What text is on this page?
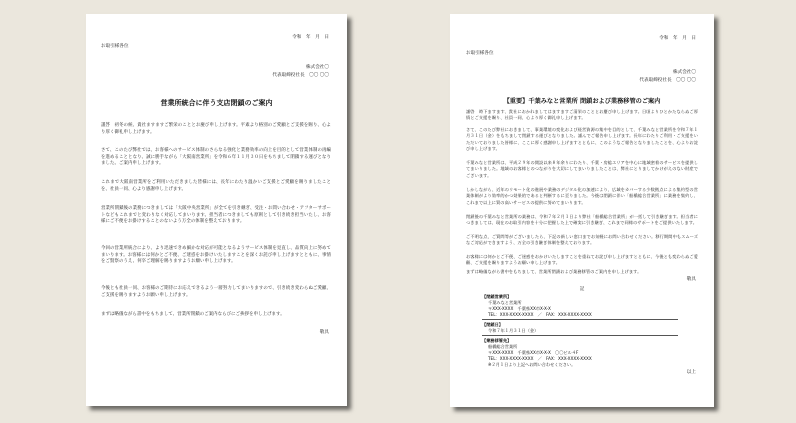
令和　年　月　日

お取引様各位

株式会社〇

代表取締役社長　〇〇 〇〇

営業所統合に伴う支店閉鎖のご案内

謹啓　初冬の候、貴社ますますご繁栄のこととお慶び申し上げます。平素より格別のご愛顧とご支援を賜り、心より厚く御礼申し上げます。

さて、このたび弊社では、お客様へのサービス体制のさらなる強化と業務効率の向上を目的として営業体制の再編を進めることとなり、誠に勝手ながら「大阪南営業所」を令和６年１１月３０日をもちまして閉鎖する運びとなりました。ご案内申し上げます。

これまで大阪南営業所をご利用いただきました皆様には、長年にわたり温かいご支援とご愛顧を賜りましたことを、社員一同、心より感謝申し上げます。

営業所閉鎖後の業務につきましては「大阪中央営業所」が全てを引き継ぎ、受注・お問い合わせ・アフターサポートなどもこれまでと変わりなく対応してまいります。担当者につきましても原則として引き続き担当いたし、お客様にご不便をお掛けすることのないよう万全の体制を整えております。

今回の営業所統合により、より迅速できめ細かな対応が可能となるようサービス体制を見直し、品質向上に努めてまいります。お客様には何かとご不便、ご迷惑をお掛けいたしますことを深くお詫び申し上げますとともに、事情をご賢察のうえ、何卒ご理解を賜りますようお願い申し上げます。

今後とも社員一同、お客様のご期待にお応えできるよう一層努力してまいりますので、引き続き変わらぬご愛顧、ご支援を賜りますようお願い申し上げます。

まずは略儀ながら書中をもちまして、営業所閉鎖のご案内ならびにご挨拶を申し上げます。

敬具

令和　年　月　日

お取引様各位

株式会社〇

代表取締役社長　〇〇 〇〇

【重要】千葉みなと営業所 閉鎖および業務移管のご案内

謹啓　時下ますます、貴社におかれましてはますますご清栄のこととお慶び申し上げます。日頃よりひとかたならぬご厚情とご支援を賜り、社員一同、心より厚く御礼申し上げます。

さて、このたび弊社におきまして、事業環境の変化および経営資源の集中を目的として、千葉みなと営業所を令和７年１月３１日（金）をもちまして閉鎖する運びとなりました。謹んでご報告申し上げます。長年にわたりご利用・ご支援をいただいておりました皆様に、ここに厚く感謝申し上げますとともに、このようなご報告となりましたことを、心よりお詫び申し上げます。

千葉みなと営業所は、平成２９年の開設以来８年余りにわたり、千葉・房総エリアを中心に地域密着のサービスを提供してまいりました。地域のお客様とのつながりを大切にしてまいりましたことは、弊社にとりましてかけがえのない財産でございます。

しかしながら、近年のリモート化の進展や業務のデジタル化の加速により、広域をカバーする少数拠点による集約型の営業体制がより効率的かつ効果的であると判断するに至りました。今後は閉鎖に伴い「船橋総合営業所」に業務を集約し、これまで以上に質の高いサービスの提供に努めてまいります。

閉鎖後の千葉みなと営業所の業務は、令和７年２月１日より弊社「船橋総合営業所」が一括して引き継ぎます。担当者につきましては、現在のお取引内容を十分に把握した上で確実に引き継ぎ、これまで同様のサポートをご提供いたします。

ご不明な点、ご質問等がございましたら、下記の新しい窓口までお気軽にお問い合わせください。移行期間中もスムーズなご対応ができますよう、万全の引き継ぎ体制を整えております。

お客様には何かとご不便、ご迷惑をおかけいたしますことを重ねてお詫び申し上げますとともに、今後とも変わらぬご愛顧、ご支援を賜りますようお願い申し上げます。

まずは略儀ながら書中をもちまして、営業所閉鎖および業務移管のご案内を申し上げます。

敬具

記

【閉鎖営業所】

千葉みなと営業所

〒XXX-XXXX　千葉県XX市X-X-X

TEL：XXX-XXXX-XXXX　／　FAX：XXX-XXXX-XXXX

【閉鎖日】

令和７年１月３１日（金）

【業務移管先】

船橋総合営業所

〒XXX-XXXX　千葉県XX市X-X-X　〇〇ビル４F

TEL：XXX-XXXX-XXXX　／　FAX：XXX-XXXX-XXXX

※２月１日より上記へお問い合わせください。

以上
